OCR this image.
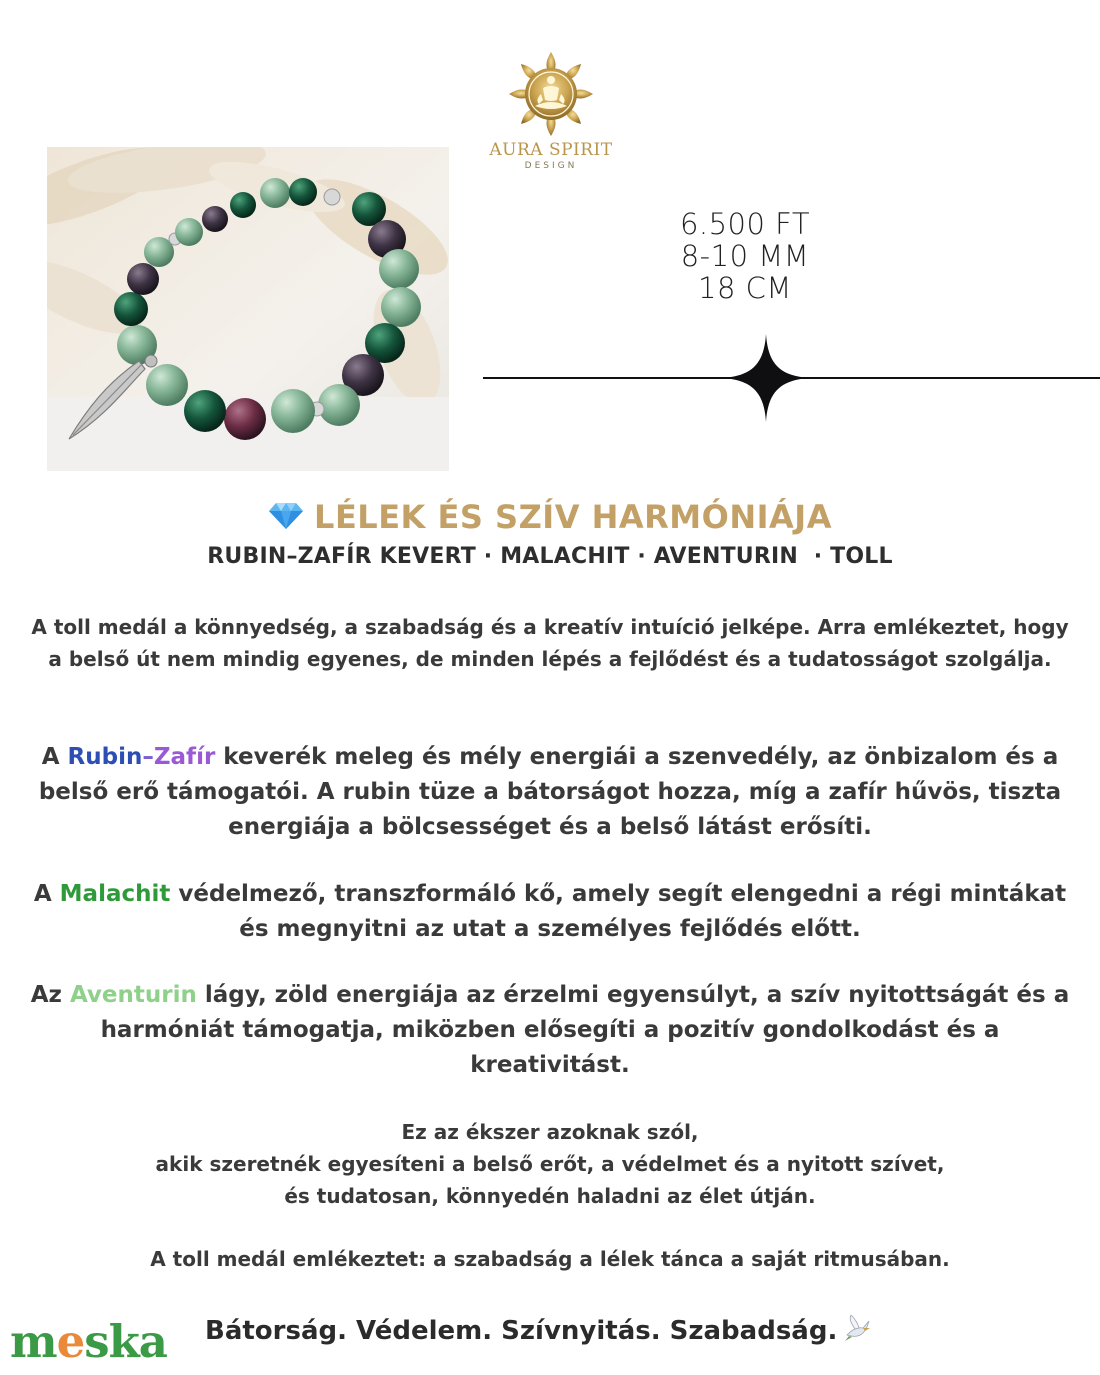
AURA SPIRIT
DESIGN
6.500 FT
8-10 MM
18 CM
LÉLEK ÉS SZÍV HARMÓNIÁJA
RUBIN–ZAFÍR KEVERT · MALACHIT · AVENTURIN  · TOLL
A toll medál a könnyedség, a szabadság és a kreatív intuíció jelképe. Arra emlékeztet, hogy a belső út nem mindig egyenes, de minden lépés a fejlődést és a tudatosságot szolgálja.
A Rubin–Zafír keverék meleg és mély energiái a szenvedély, az önbizalom és a belső erő támogatói. A rubin tüze a bátorságot hozza, míg a zafír hűvös, tiszta energiája a bölcsességet és a belső látást erősíti.
A Malachit védelmező, transzformáló kő, amely segít elengedni a régi mintákat és megnyitni az utat a személyes fejlődés előtt.
Az Aventurin lágy, zöld energiája az érzelmi egyensúlyt, a szív nyitottságát és a harmóniát támogatja, miközben elősegíti a pozitív gondolkodást és a kreativitást.
Ez az ékszer azoknak szól,
akik szeretnék egyesíteni a belső erőt, a védelmet és a nyitott szívet,
és tudatosan, könnyedén haladni az élet útján.
A toll medál emlékeztet: a szabadság a lélek tánca a saját ritmusában.
meska Bátorság. Védelem. Szívnyitás. Szabadság.
